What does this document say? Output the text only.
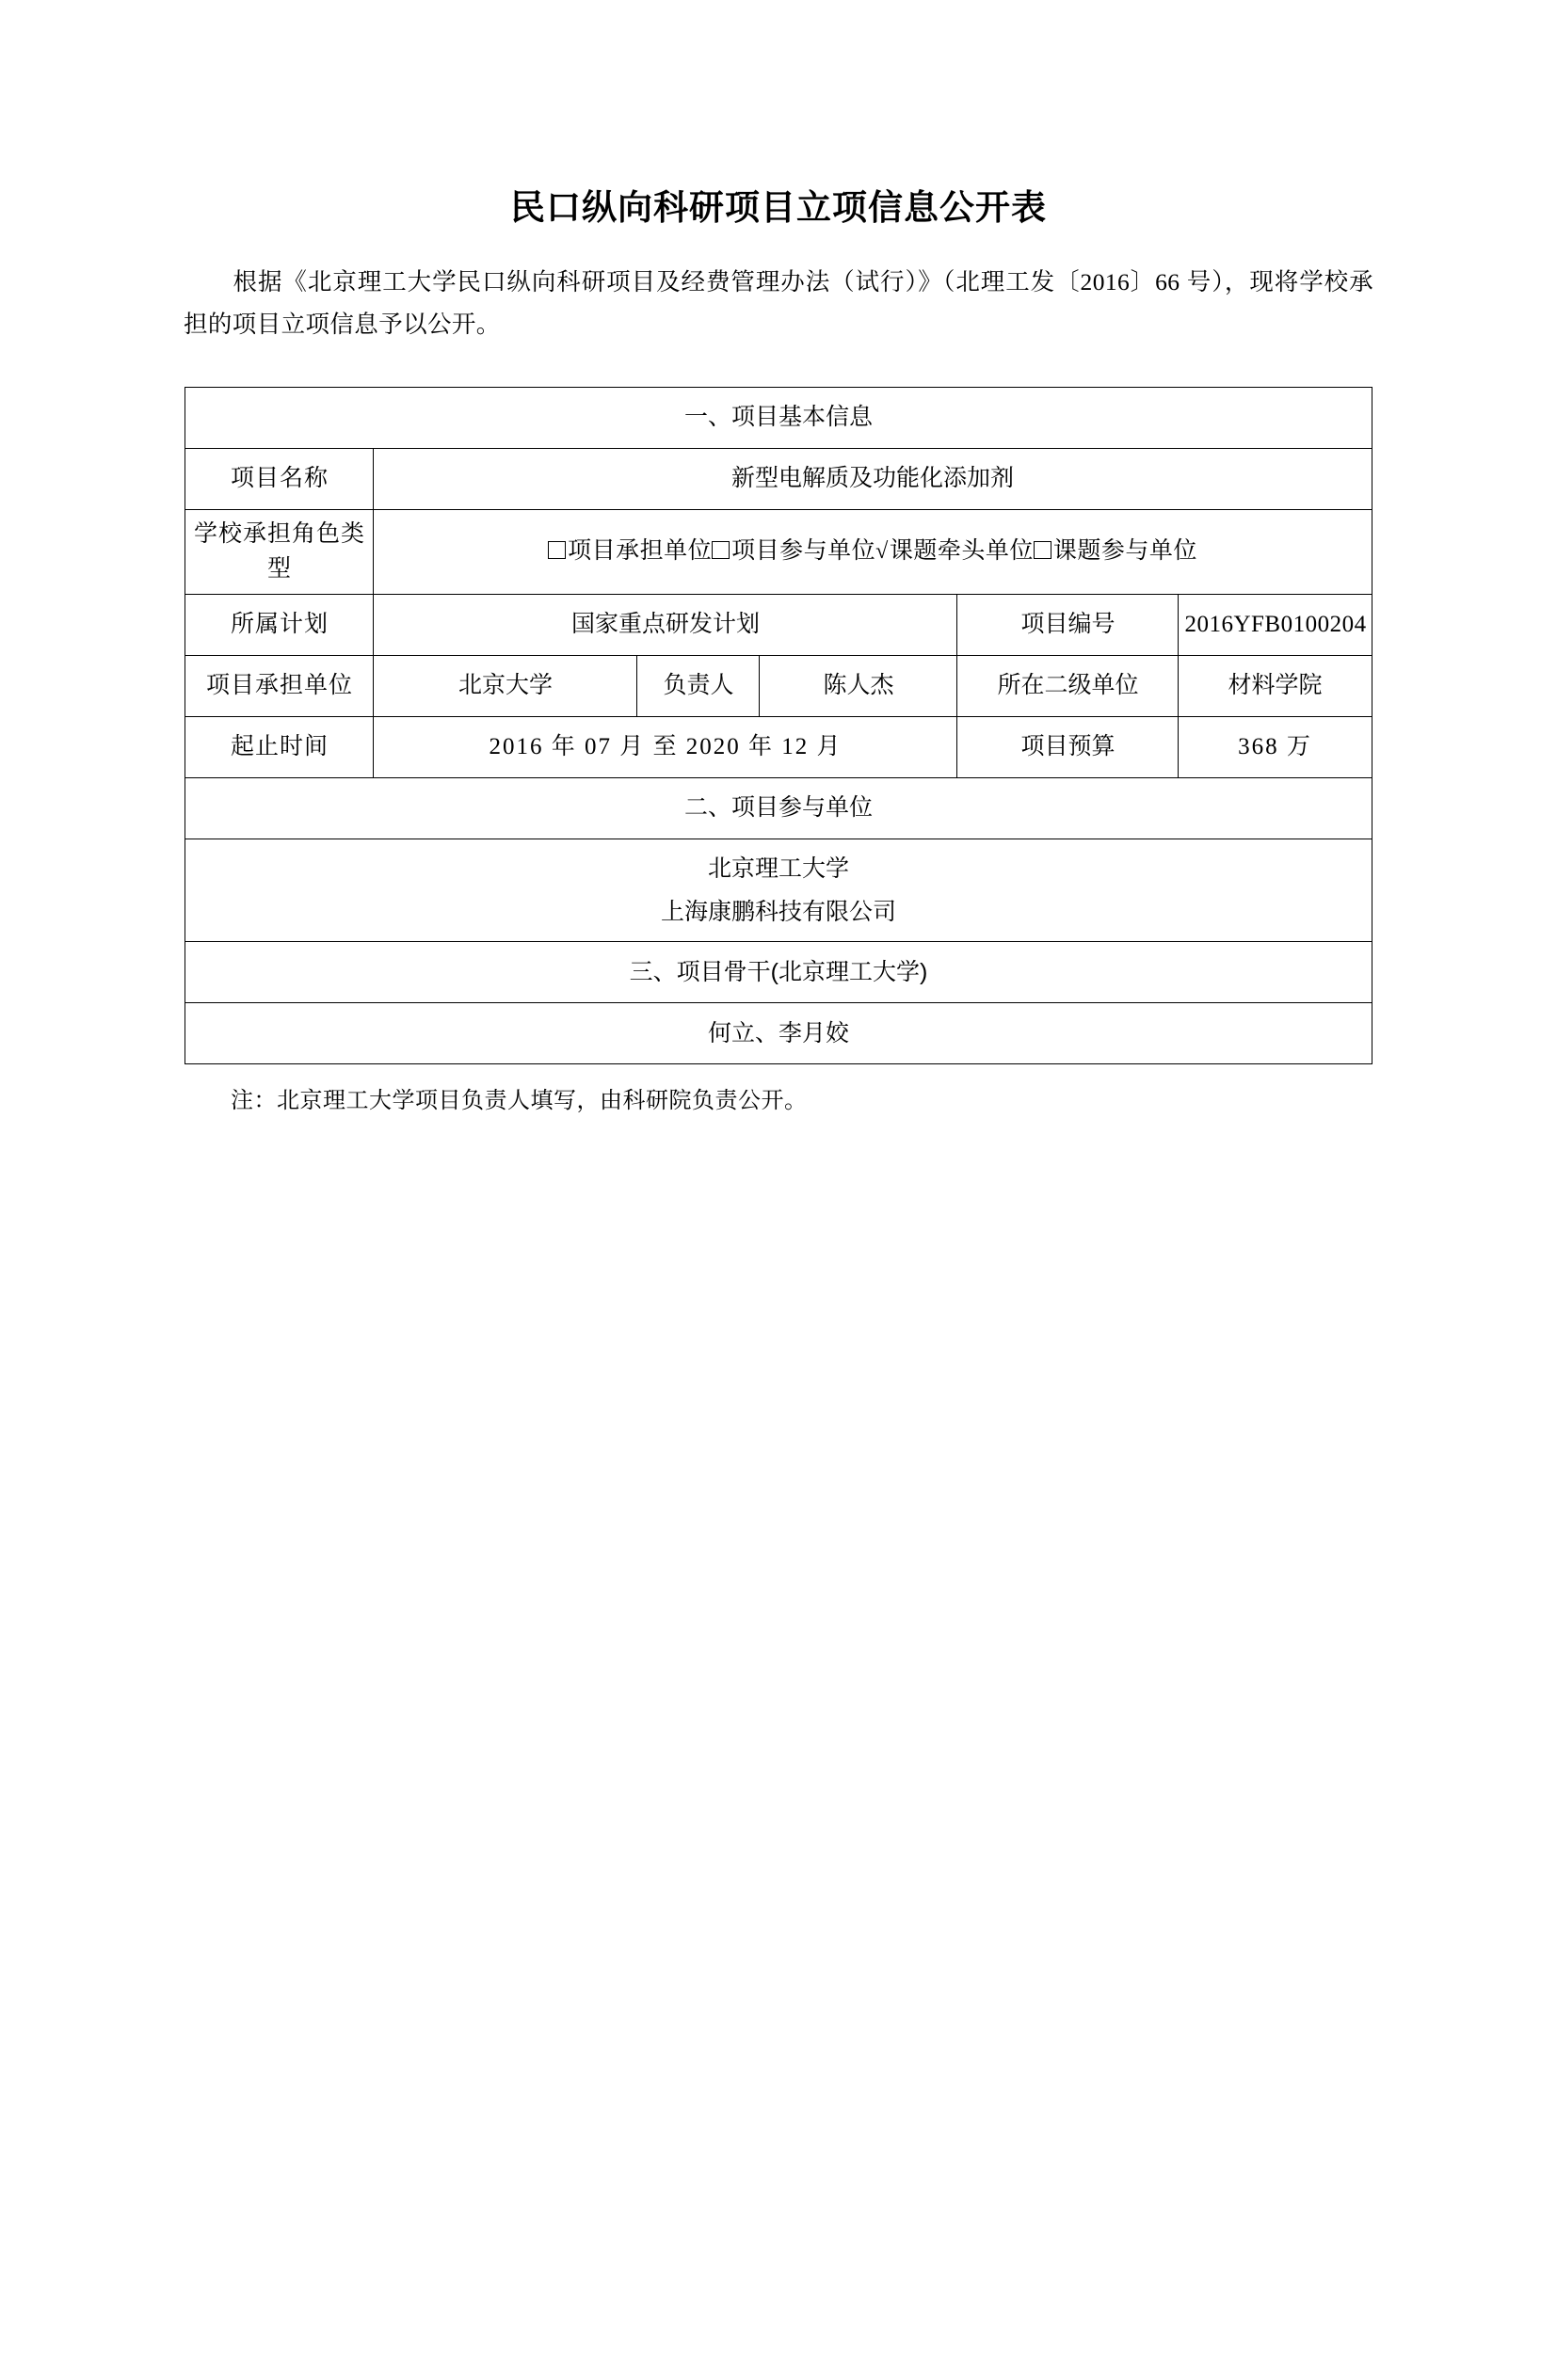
民口纵向科研项目立项信息公开表
根据《北京理工大学民口纵向科研项目及经费管理办法（试行）》（北理工发〔2016〕66 号），现将学校承担的项目立项信息予以公开。
一、项目基本信息					
项目名称	新型电解质及功能化添加剂				
学校承担角色类型	项目承担单位 项目参与单位√课题牵头单位 课题参与单位				
所属计划	国家重点研发计划			项目编号	2016YFB0100204
项目承担单位	北京大学	负责人	陈人杰	所在二级单位	材料学院
起止时间	2016 年 07 月 至 2020 年 12 月			项目预算	368 万
二、项目参与单位					

北京理工大学
上海康鹏科技有限公司					

三、项目骨干(北京理工大学)					
何立、李月姣					
注：北京理工大学项目负责人填写，由科研院负责公开。
